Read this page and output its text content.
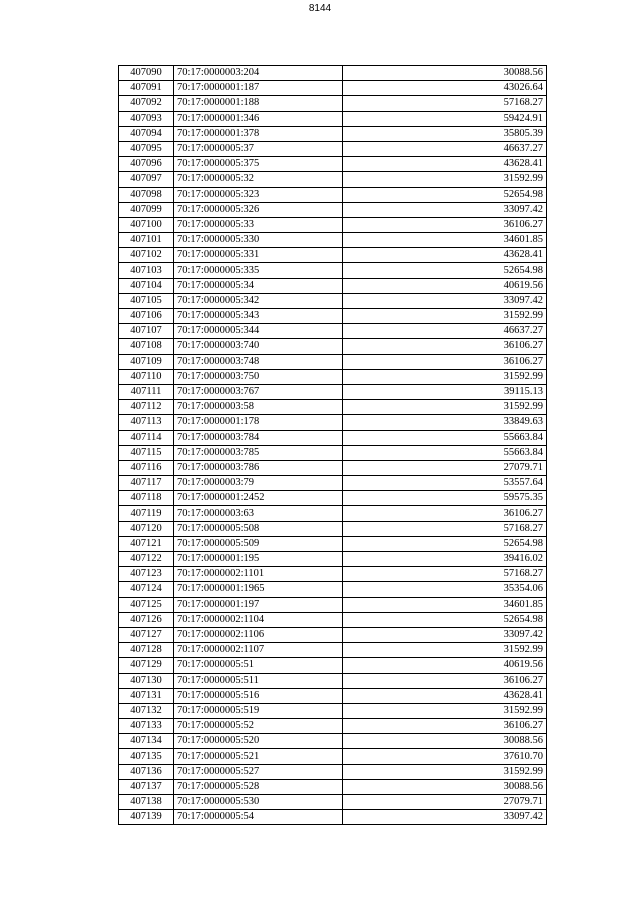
8144
407090	70:17:0000003:204	30088.56
407091	70:17:0000001:187	43026.64
407092	70:17:0000001:188	57168.27
407093	70:17:0000001:346	59424.91
407094	70:17:0000001:378	35805.39
407095	70:17:0000005:37	46637.27
407096	70:17:0000005:375	43628.41
407097	70:17:0000005:32	31592.99
407098	70:17:0000005:323	52654.98
407099	70:17:0000005:326	33097.42
407100	70:17:0000005:33	36106.27
407101	70:17:0000005:330	34601.85
407102	70:17:0000005:331	43628.41
407103	70:17:0000005:335	52654.98
407104	70:17:0000005:34	40619.56
407105	70:17:0000005:342	33097.42
407106	70:17:0000005:343	31592.99
407107	70:17:0000005:344	46637.27
407108	70:17:0000003:740	36106.27
407109	70:17:0000003:748	36106.27
407110	70:17:0000003:750	31592.99
407111	70:17:0000003:767	39115.13
407112	70:17:0000003:58	31592.99
407113	70:17:0000001:178	33849.63
407114	70:17:0000003:784	55663.84
407115	70:17:0000003:785	55663.84
407116	70:17:0000003:786	27079.71
407117	70:17:0000003:79	53557.64
407118	70:17:0000001:2452	59575.35
407119	70:17:0000003:63	36106.27
407120	70:17:0000005:508	57168.27
407121	70:17:0000005:509	52654.98
407122	70:17:0000001:195	39416.02
407123	70:17:0000002:1101	57168.27
407124	70:17:0000001:1965	35354.06
407125	70:17:0000001:197	34601.85
407126	70:17:0000002:1104	52654.98
407127	70:17:0000002:1106	33097.42
407128	70:17:0000002:1107	31592.99
407129	70:17:0000005:51	40619.56
407130	70:17:0000005:511	36106.27
407131	70:17:0000005:516	43628.41
407132	70:17:0000005:519	31592.99
407133	70:17:0000005:52	36106.27
407134	70:17:0000005:520	30088.56
407135	70:17:0000005:521	37610.70
407136	70:17:0000005:527	31592.99
407137	70:17:0000005:528	30088.56
407138	70:17:0000005:530	27079.71
407139	70:17:0000005:54	33097.42
